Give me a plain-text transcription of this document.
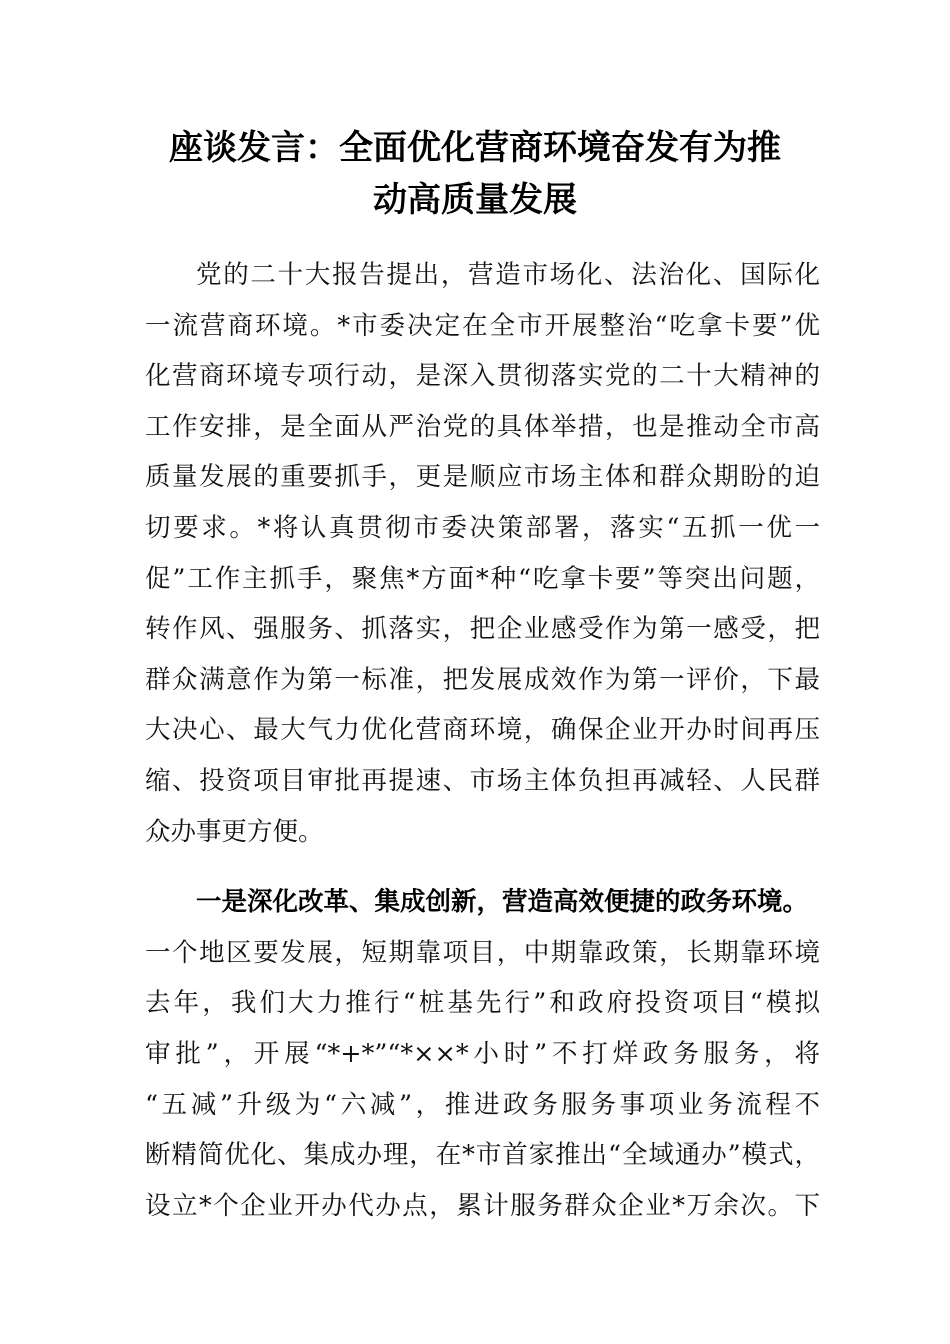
座谈发言：全面优化营商环境奋发有为推
动高质量发展
党的二十大报告提出，营造市场化、法治化、国际化
一流营商环境。*市委决定在全市开展整治“吃拿卡要”优
化营商环境专项行动，是深入贯彻落实党的二十大精神的
工作安排，是全面从严治党的具体举措，也是推动全市高
质量发展的重要抓手，更是顺应市场主体和群众期盼的迫
切要求。*将认真贯彻市委决策部署，落实“五抓一优一
促”工作主抓手，聚焦*方面*种“吃拿卡要”等突出问题，
转作风、强服务、抓落实，把企业感受作为第一感受，把
群众满意作为第一标准，把发展成效作为第一评价，下最
大决心、最大气力优化营商环境，确保企业开办时间再压
缩、投资项目审批再提速、市场主体负担再减轻、人民群
众办事更方便。
一是深化改革、集成创新，营造高效便捷的政务环境。
一个地区要发展，短期靠项目，中期靠政策，长期靠环境
去年，我们大力推行“桩基先行”和政府投资项目“模拟
审批”，开展“*+*”“*××*小时”不打烊政务服务，将
“五减”升级为“六减”，推进政务服务事项业务流程不
断精简优化、集成办理，在*市首家推出“全域通办”模式，
设立*个企业开办代办点，累计服务群众企业*万余次。下
